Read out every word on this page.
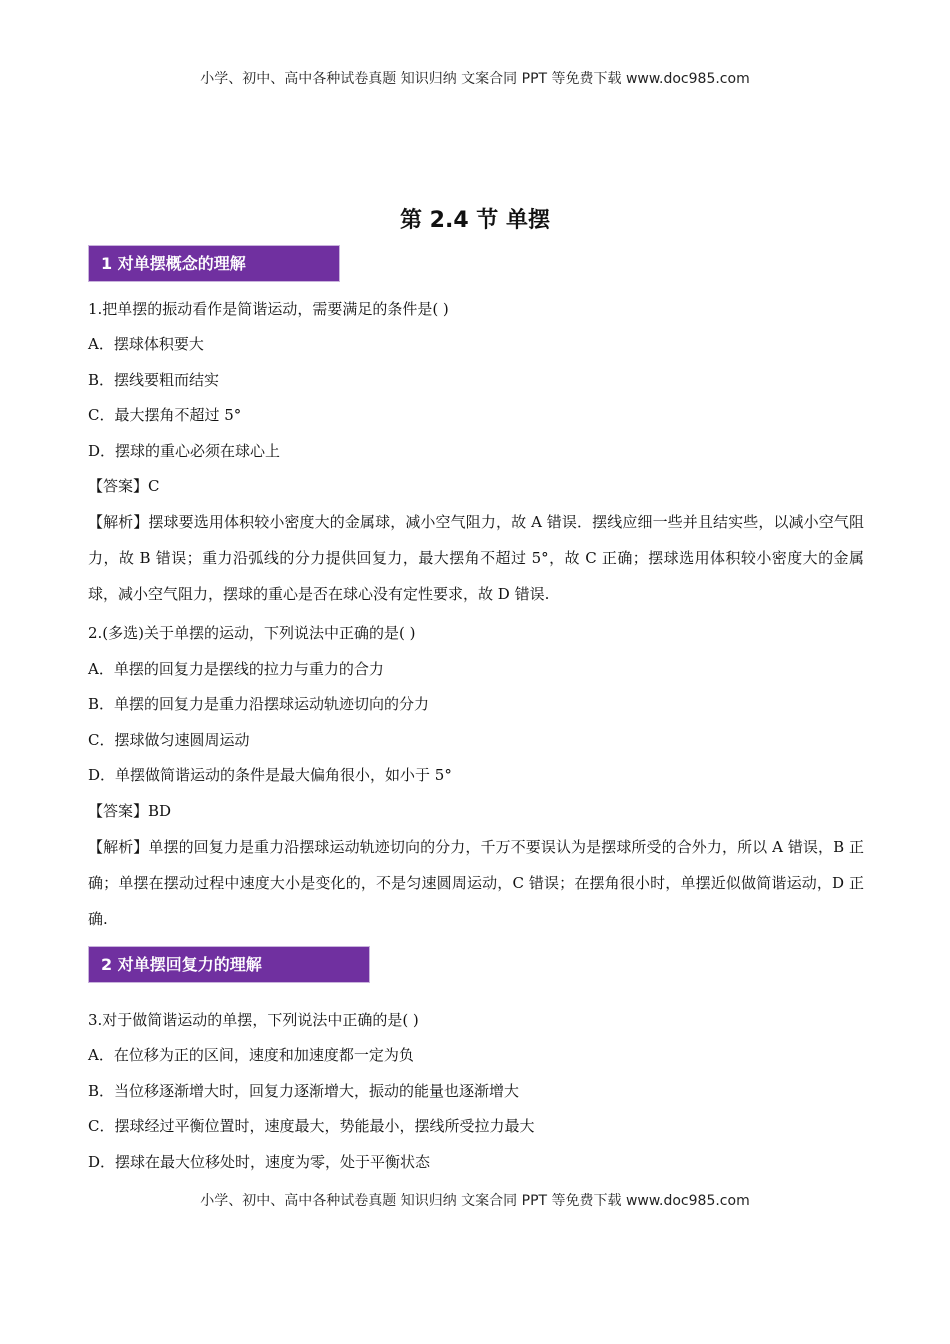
小学、初中、高中各种试卷真题 知识归纳 文案合同 PPT 等免费下载 www.doc985.com
第 2.4 节 单摆
1 对单摆概念的理解
1.把单摆的振动看作是简谐运动，需要满足的条件是( )
A．摆球体积要大
B．摆线要粗而结实
C．最大摆角不超过 5°
D．摆球的重心必须在球心上
【答案】C
【解析】摆球要选用体积较小密度大的金属球，减小空气阻力，故 A 错误．摆线应细一些并且结实些，以减小空气阻力，故 B 错误；重力沿弧线的分力提供回复力，最大摆角不超过 5°，故 C 正确；摆球选用体积较小密度大的金属球，减小空气阻力，摆球的重心是否在球心没有定性要求，故 D 错误.
2.(多选)关于单摆的运动，下列说法中正确的是( )
A．单摆的回复力是摆线的拉力与重力的合力
B．单摆的回复力是重力沿摆球运动轨迹切向的分力
C．摆球做匀速圆周运动
D．单摆做简谐运动的条件是最大偏角很小，如小于 5°
【答案】BD
【解析】单摆的回复力是重力沿摆球运动轨迹切向的分力，千万不要误认为是摆球所受的合外力，所以 A 错误，B 正确；单摆在摆动过程中速度大小是变化的，不是匀速圆周运动，C 错误；在摆角很小时，单摆近似做简谐运动，D 正确.
2 对单摆回复力的理解
3.对于做简谐运动的单摆，下列说法中正确的是( )
A．在位移为正的区间，速度和加速度都一定为负
B．当位移逐渐增大时，回复力逐渐增大，振动的能量也逐渐增大
C．摆球经过平衡位置时，速度最大，势能最小，摆线所受拉力最大
D．摆球在最大位移处时，速度为零，处于平衡状态
小学、初中、高中各种试卷真题 知识归纳 文案合同 PPT 等免费下载 www.doc985.com
